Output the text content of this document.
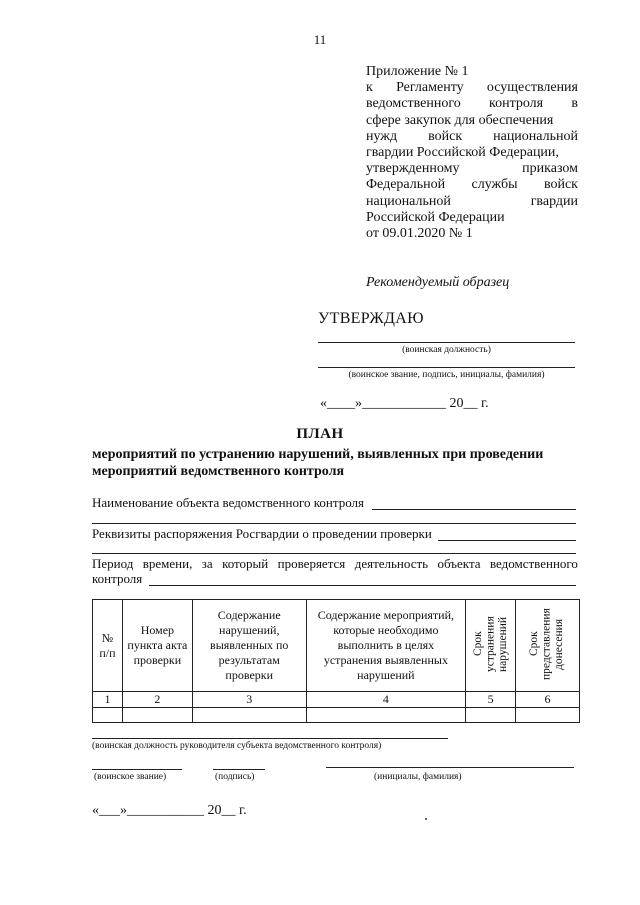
11
Приложение № 1
к Регламенту осуществления
ведомственного контроля в
сфере закупок для обеспечения
нужд войск национальной
гвардии Российской Федерации,
утвержденному	приказом
Федеральной службы войск
национальной	гвардии
Российской Федерации
от 09.01.2020 № 1
Рекомендуемый образец
УТВЕРЖДАЮ
(воинская должность)
(воинское звание, подпись, инициалы, фамилия)
«____»____________ 20__ г.
ПЛАН
мероприятий по устранению нарушений, выявленных при проведении мероприятий ведомственного контроля
Наименование объекта ведомственного контроля
Реквизиты распоряжения Росгвардии о проведении проверки
Период времени, за который проверяется деятельность объекта ведомственного
контроля
№ п/п	Номер пункта акта проверки	Содержание нарушений, выявленных по результатам проверки	Содержание мероприятий, которые необходимо выполнить в целях устранения выявленных нарушений	Срок устранения нарушений	Срок представления донесения
1	2	3	4	5	6

(воинская должность руководителя субъекта ведомственного контроля)
(воинское звание)	(подпись)	(инициалы, фамилия)
«___»___________ 20__ г.
